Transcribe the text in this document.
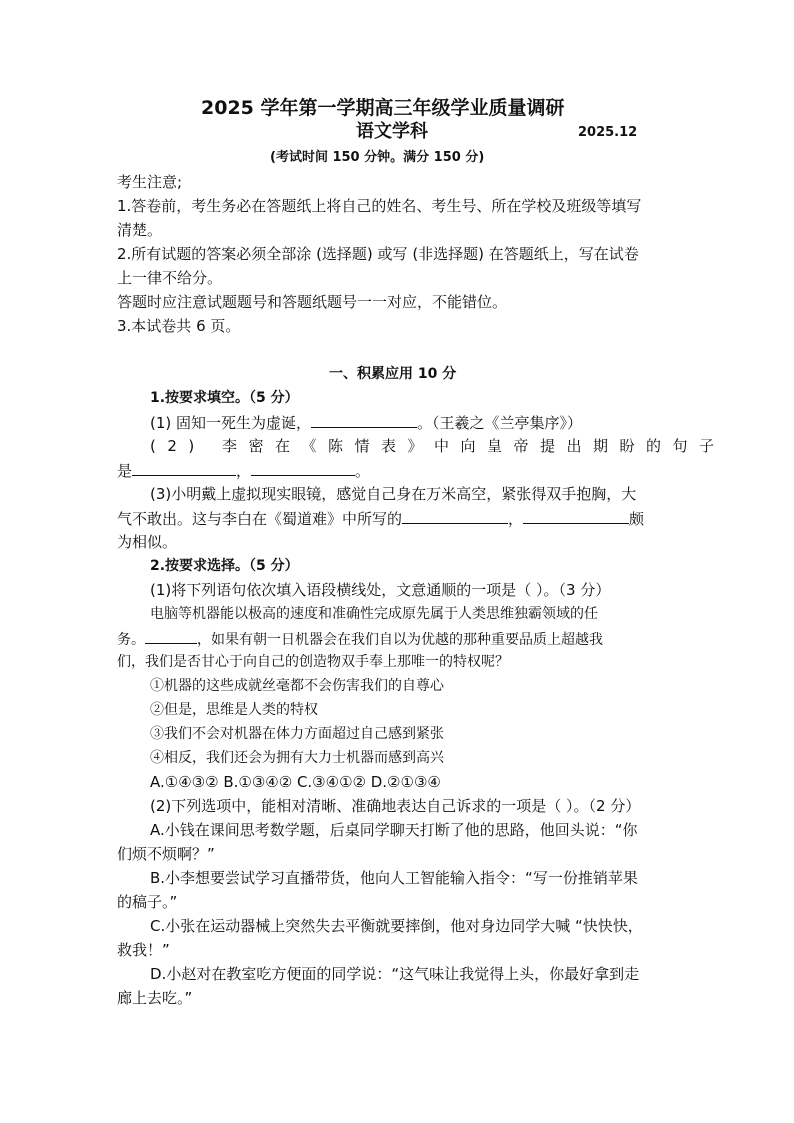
2025 学年第一学期高三年级学业质量调研
语文学科	2025.12
(考试时间 150 分钟。满分 150 分)
考生注意;
1.答卷前，考生务必在答题纸上将自己的姓名、考生号、所在学校及班级等填写
清楚。
2.所有试题的答案必须全部涂 (选择题) 或写 (非选择题) 在答题纸上，写在试卷
上一律不给分。
答题时应注意试题题号和答题纸题号一一对应，不能错位。
3.本试卷共 6 页。
一、积累应用 10 分
1.按要求填空。（5 分）
(1) 固知一死生为虚诞，	。（王羲之《兰亭集序》）
(2) 李密在《陈情表》中向皇帝提出期盼的句子
是	，	。
(3)小明戴上虚拟现实眼镜，感觉自己身在万米高空，紧张得双手抱胸，大
气不敢出。这与李白在《蜀道难》中所写的	，	颇
为相似。
2.按要求选择。（5 分）
(1)将下列语句依次填入语段横线处，文意通顺的一项是（ ）。（3 分）
电脑等机器能以极高的速度和准确性完成原先属于人类思维独霸领域的任
务。	，如果有朝一日机器会在我们自以为优越的那种重要品质上超越我
们，我们是否甘心于向自己的创造物双手奉上那唯一的特权呢？
①机器的这些成就丝毫都不会伤害我们的自尊心
②但是，思维是人类的特权
③我们不会对机器在体力方面超过自己感到紧张
④相反，我们还会为拥有大力士机器而感到高兴
A.①④③② B.①③④② C.③④①② D.②①③④
(2)下列选项中，能相对清晰、准确地表达自己诉求的一项是（ ）。（2 分）
A.小钱在课间思考数学题，后桌同学聊天打断了他的思路，他回头说：“你
们烦不烦啊？”
B.小李想要尝试学习直播带货，他向人工智能输入指令：“写一份推销苹果
的稿子。”
C.小张在运动器械上突然失去平衡就要摔倒，他对身边同学大喊 “快快快，
救我！”
D.小赵对在教室吃方便面的同学说：“这气味让我觉得上头，你最好拿到走
廊上去吃。”
